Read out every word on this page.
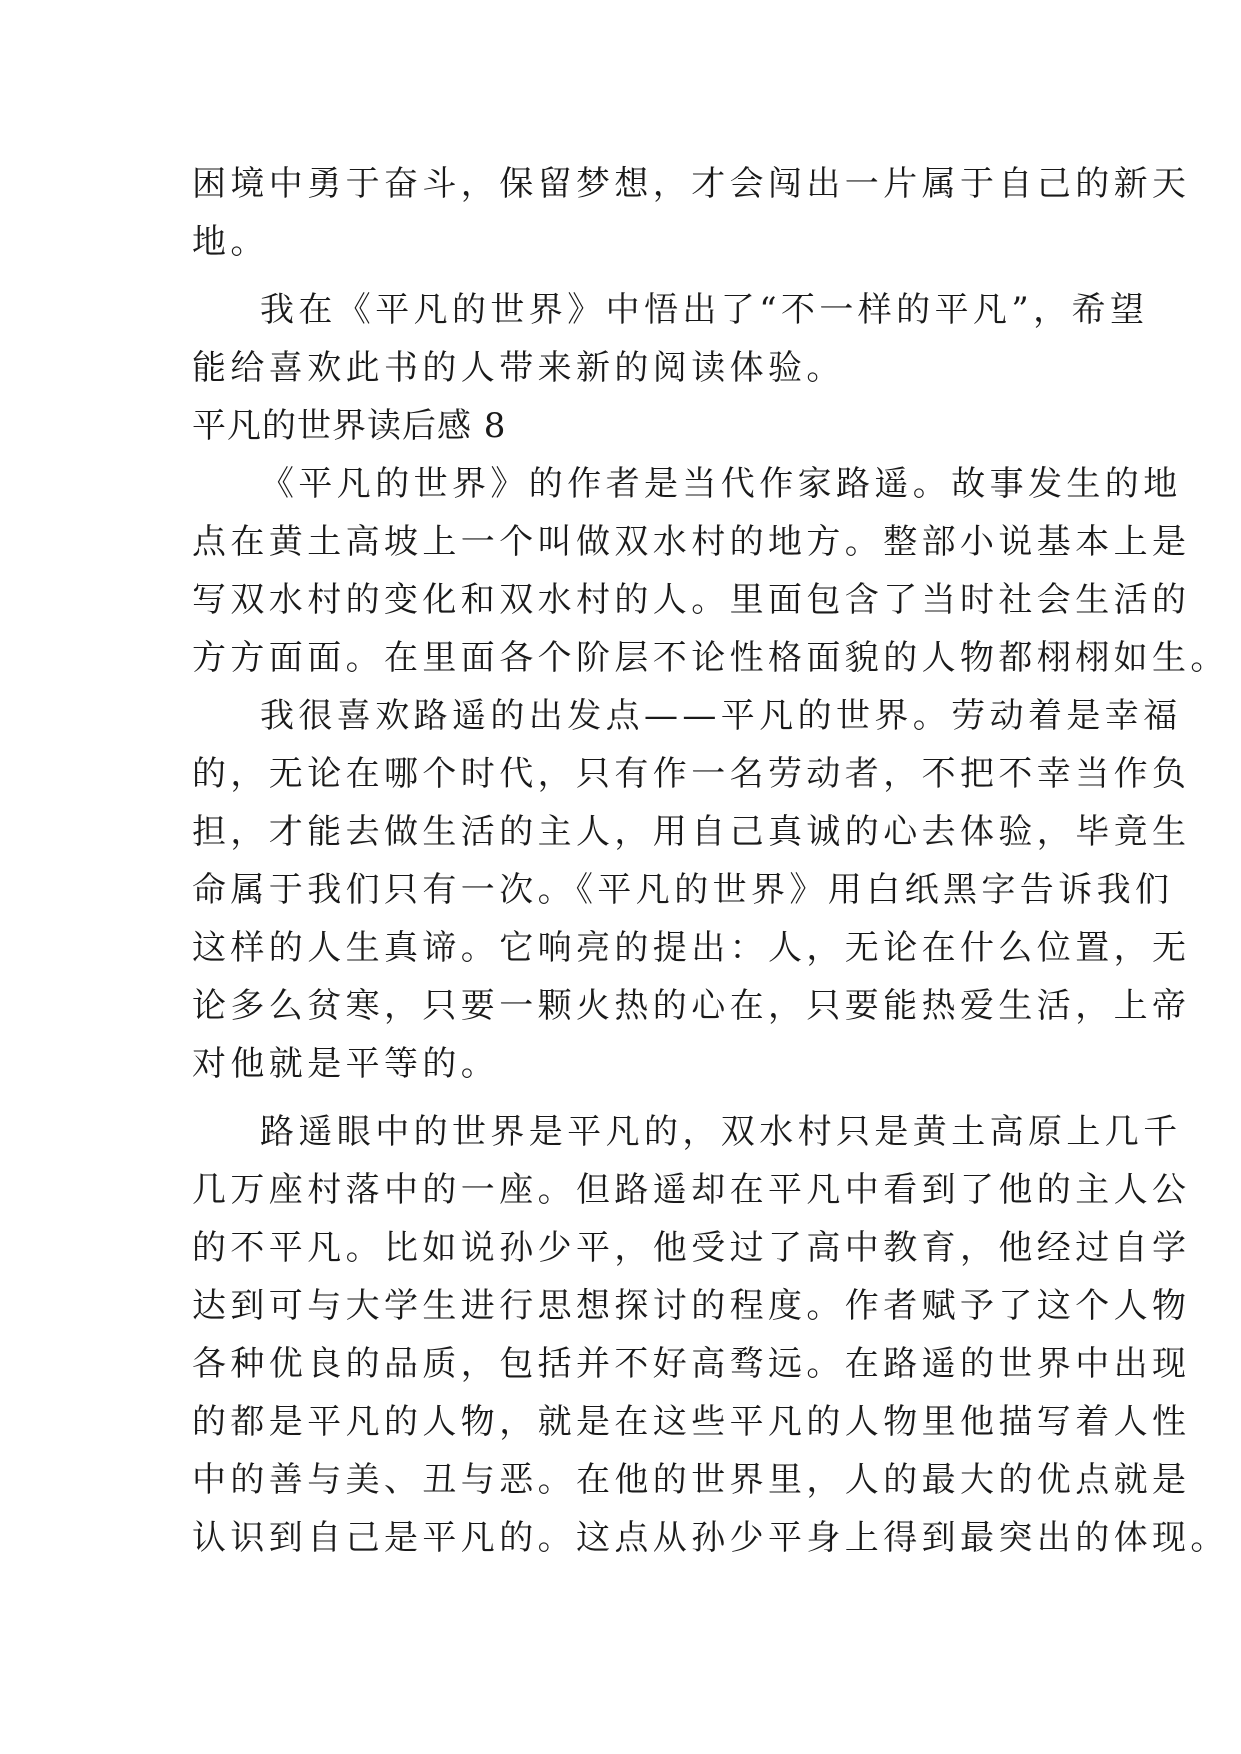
困境中勇于奋斗，保留梦想，才会闯出一片属于自己的新天
地。
我在《平凡的世界》中悟出了“不一样的平凡”，希望
能给喜欢此书的人带来新的阅读体验。
平凡的世界读后感 8
《平凡的世界》的作者是当代作家路遥。故事发生的地
点在黄土高坡上一个叫做双水村的地方。整部小说基本上是
写双水村的变化和双水村的人。里面包含了当时社会生活的
方方面面。在里面各个阶层不论性格面貌的人物都栩栩如生。
我很喜欢路遥的出发点——平凡的世界。劳动着是幸福
的，无论在哪个时代，只有作一名劳动者，不把不幸当作负
担，才能去做生活的主人，用自己真诚的心去体验，毕竟生
命属于我们只有一次。《平凡的世界》用白纸黑字告诉我们
这样的人生真谛。它响亮的提出：人，无论在什么位置，无
论多么贫寒，只要一颗火热的心在，只要能热爱生活，上帝
对他就是平等的。
路遥眼中的世界是平凡的，双水村只是黄土高原上几千
几万座村落中的一座。但路遥却在平凡中看到了他的主人公
的不平凡。比如说孙少平，他受过了高中教育，他经过自学
达到可与大学生进行思想探讨的程度。作者赋予了这个人物
各种优良的品质，包括并不好高骛远。在路遥的世界中出现
的都是平凡的人物，就是在这些平凡的人物里他描写着人性
中的善与美、丑与恶。在他的世界里，人的最大的优点就是
认识到自己是平凡的。这点从孙少平身上得到最突出的体现。
